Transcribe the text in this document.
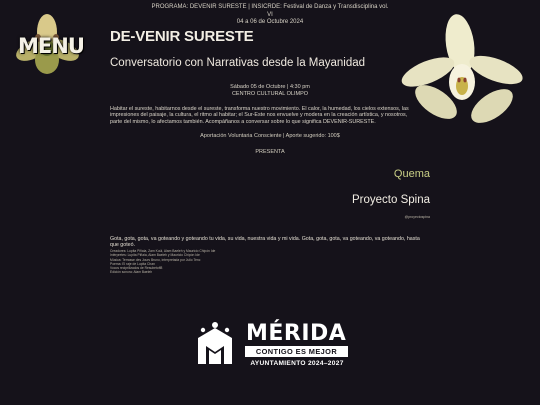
MENU
PROGRAMA: DEVENIR SURESTE | INSICRDE: Festival de Danza y Transdisciplina vol. VI
04 a 06 de Octubre 2024
DE-VENIR SURESTE
Conversatorio con Narrativas desde la Mayanidad
Sábado 05 de Octubre | 4:30 pm
CENTRO CULTURAL OLIMPO
Habitar el sureste, habitarnos desde el sureste, transforma nuestro movimiento. El calor, la humedad, los cielos extensos, las impresiones del paisaje, la cultura, el ritmo al habitar; el Sur-Este nos envuelve y modera en la creación artística, y nosotros, parte del mismo, lo afectamos también. Acompáñanos a conversar sobre lo que significa DEVENIR-SURESTE.
Aportación Voluntaria Consciente | Aporte sugerido: 100$
PRESENTA
Quema
Proyecto Spina
@proyectospina
Gota, gota, gota, va goteando y goteando tu vida, su vida, nuestra vida y mi vida. Gota, gota, gota, va goteando, va goteando, hasta que goteó.
Creadores: Lupita Piñaia, Zam Kuúl, Alam Baeleh y Mauricio Chipón Ide
Intérpretes: Lupita Piñaia, Alam Baeleh y Mauricio Chipón Ide
Música: Terrasse des Jours Bruno, interpretada por Julio Tenc
Poema: El raje de Lupita Chan
Vocos reciprilizados de Resubetoff8
Edición sonora: Alam Baeleh
MÉRIDA
CONTIGO ES MEJOR
AYUNTAMIENTO 2024–2027
